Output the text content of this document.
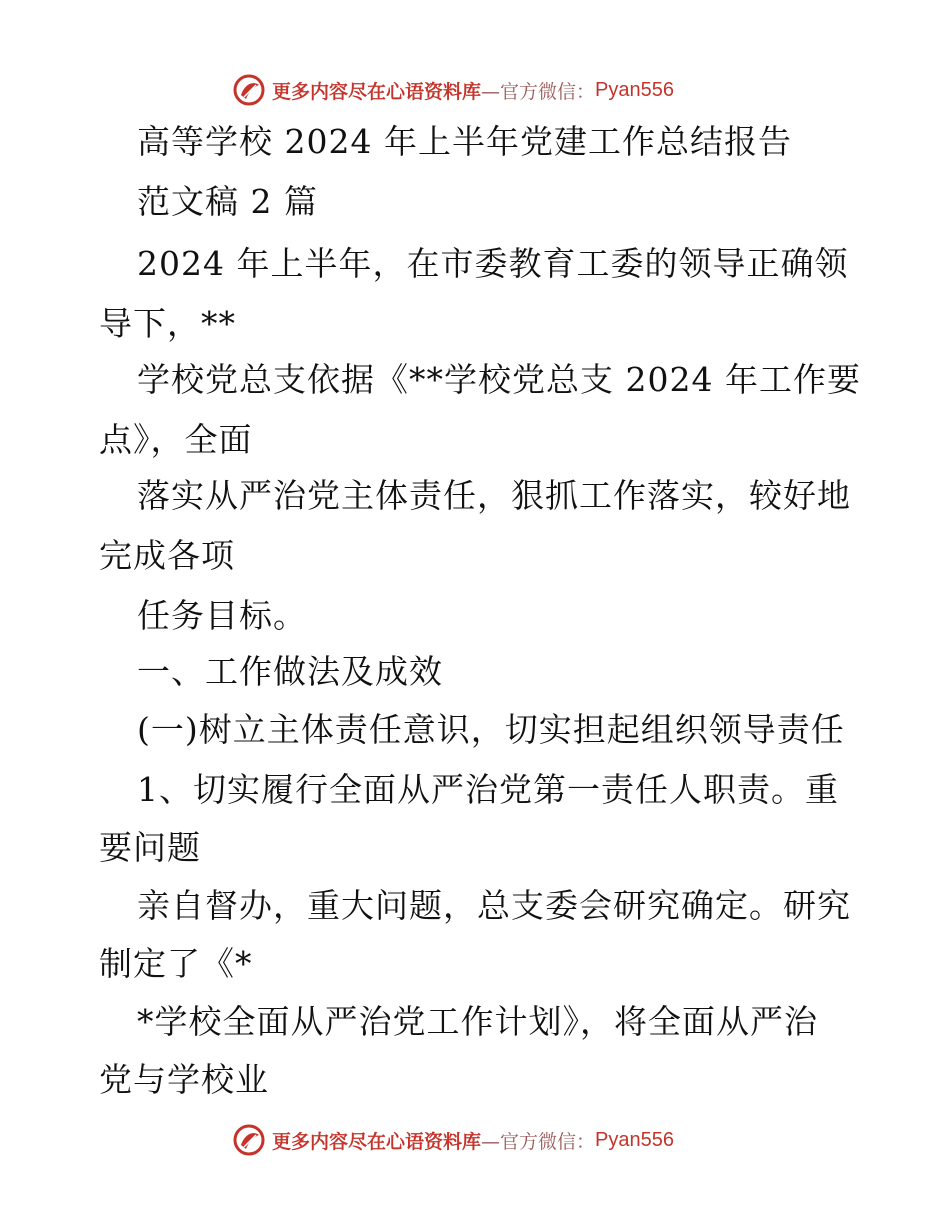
更多内容尽在心语资料库 —官方微信： Pyan556
高等学校 2024 年上半年党建工作总结报告
范文稿 2 篇
2024 年上半年，在市委教育工委的领导正确领
导下，**
学校党总支依据《**学校党总支 2024 年工作要
点》，全面
落实从严治党主体责任，狠抓工作落实，较好地
完成各项
任务目标。
一、工作做法及成效
(一)树立主体责任意识，切实担起组织领导责任
1、切实履行全面从严治党第一责任人职责。重
要问题
亲自督办，重大问题，总支委会研究确定。研究
制定了《*
*学校全面从严治党工作计划》，将全面从严治
党与学校业
更多内容尽在心语资料库 —官方微信： Pyan556
